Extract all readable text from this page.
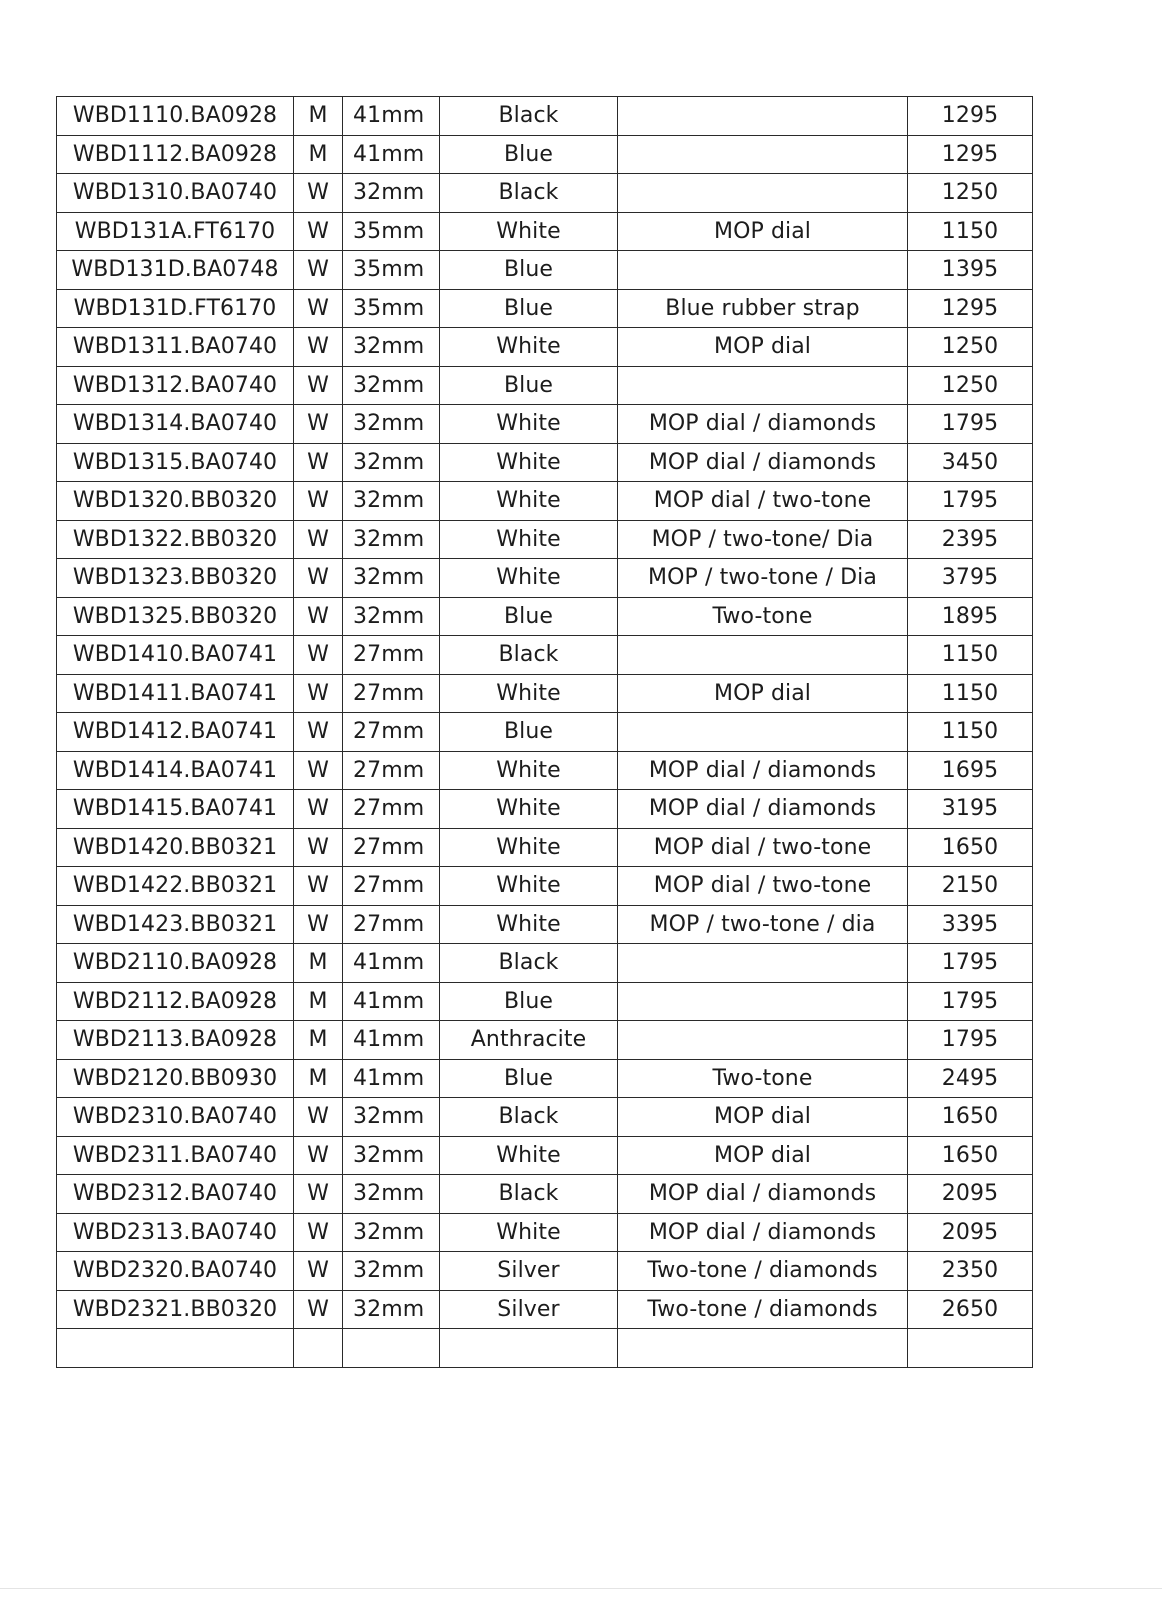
WBD1110.BA0928	M	41mm	Black		1295
WBD1112.BA0928	M	41mm	Blue		1295
WBD1310.BA0740	W	32mm	Black		1250
WBD131A.FT6170	W	35mm	White	MOP dial	1150
WBD131D.BA0748	W	35mm	Blue		1395
WBD131D.FT6170	W	35mm	Blue	Blue rubber strap	1295
WBD1311.BA0740	W	32mm	White	MOP dial	1250
WBD1312.BA0740	W	32mm	Blue		1250
WBD1314.BA0740	W	32mm	White	MOP dial / diamonds	1795
WBD1315.BA0740	W	32mm	White	MOP dial / diamonds	3450
WBD1320.BB0320	W	32mm	White	MOP dial / two-tone	1795
WBD1322.BB0320	W	32mm	White	MOP / two-tone/ Dia	2395
WBD1323.BB0320	W	32mm	White	MOP / two-tone / Dia	3795
WBD1325.BB0320	W	32mm	Blue	Two-tone	1895
WBD1410.BA0741	W	27mm	Black		1150
WBD1411.BA0741	W	27mm	White	MOP dial	1150
WBD1412.BA0741	W	27mm	Blue		1150
WBD1414.BA0741	W	27mm	White	MOP dial / diamonds	1695
WBD1415.BA0741	W	27mm	White	MOP dial / diamonds	3195
WBD1420.BB0321	W	27mm	White	MOP dial / two-tone	1650
WBD1422.BB0321	W	27mm	White	MOP dial / two-tone	2150
WBD1423.BB0321	W	27mm	White	MOP / two-tone / dia	3395
WBD2110.BA0928	M	41mm	Black		1795
WBD2112.BA0928	M	41mm	Blue		1795
WBD2113.BA0928	M	41mm	Anthracite		1795
WBD2120.BB0930	M	41mm	Blue	Two-tone	2495
WBD2310.BA0740	W	32mm	Black	MOP dial	1650
WBD2311.BA0740	W	32mm	White	MOP dial	1650
WBD2312.BA0740	W	32mm	Black	MOP dial / diamonds	2095
WBD2313.BA0740	W	32mm	White	MOP dial / diamonds	2095
WBD2320.BA0740	W	32mm	Silver	Two-tone / diamonds	2350
WBD2321.BB0320	W	32mm	Silver	Two-tone / diamonds	2650
